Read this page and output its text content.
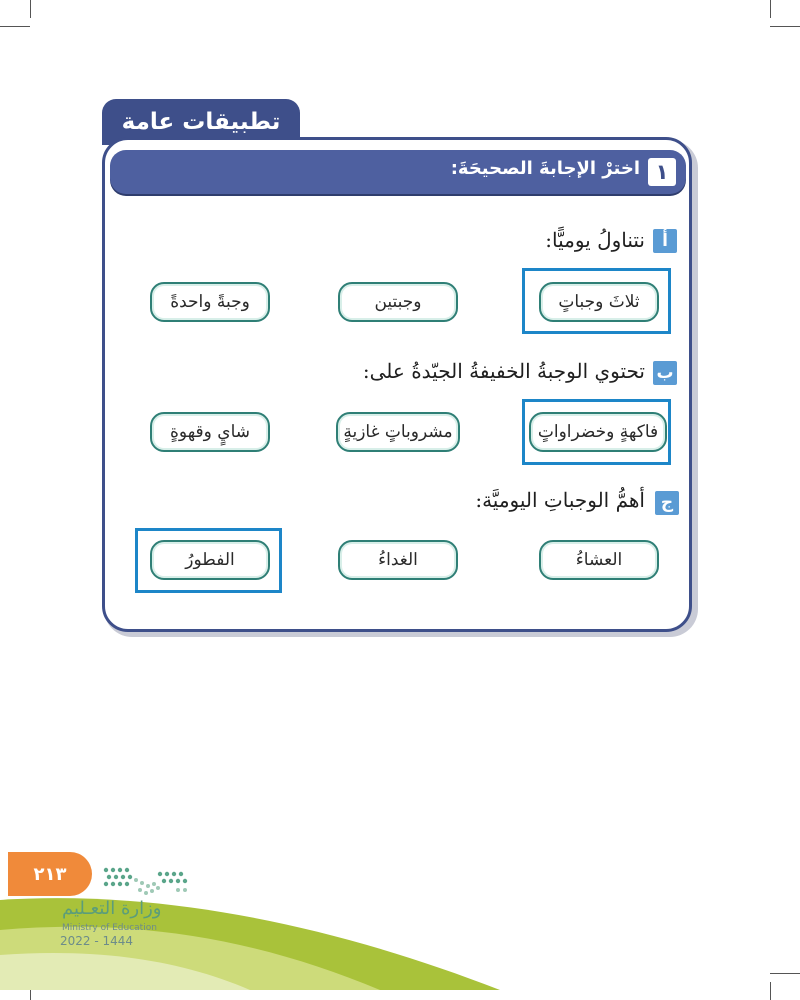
تطبيقات عامة
١
اخترْ الإجابةَ الصحيحَةَ:
أ
نتناولُ يوميًّا:
ثلاثَ وجباتٍ
وجبتين
وجبةً واحدةً
ب
تحتوي الوجبةُ الخفيفةُ الجيّدةُ على:
فاكهةٍ وخضراواتٍ
مشروباتٍ غازيةٍ
شايٍ وقهوةٍ
ج
أهمُّ الوجباتِ اليوميَّة:
العشاءُ
الغداءُ
الفطورُ
٢١٣
وزارة التعـليم
Ministry of Education
2022 - 1444
